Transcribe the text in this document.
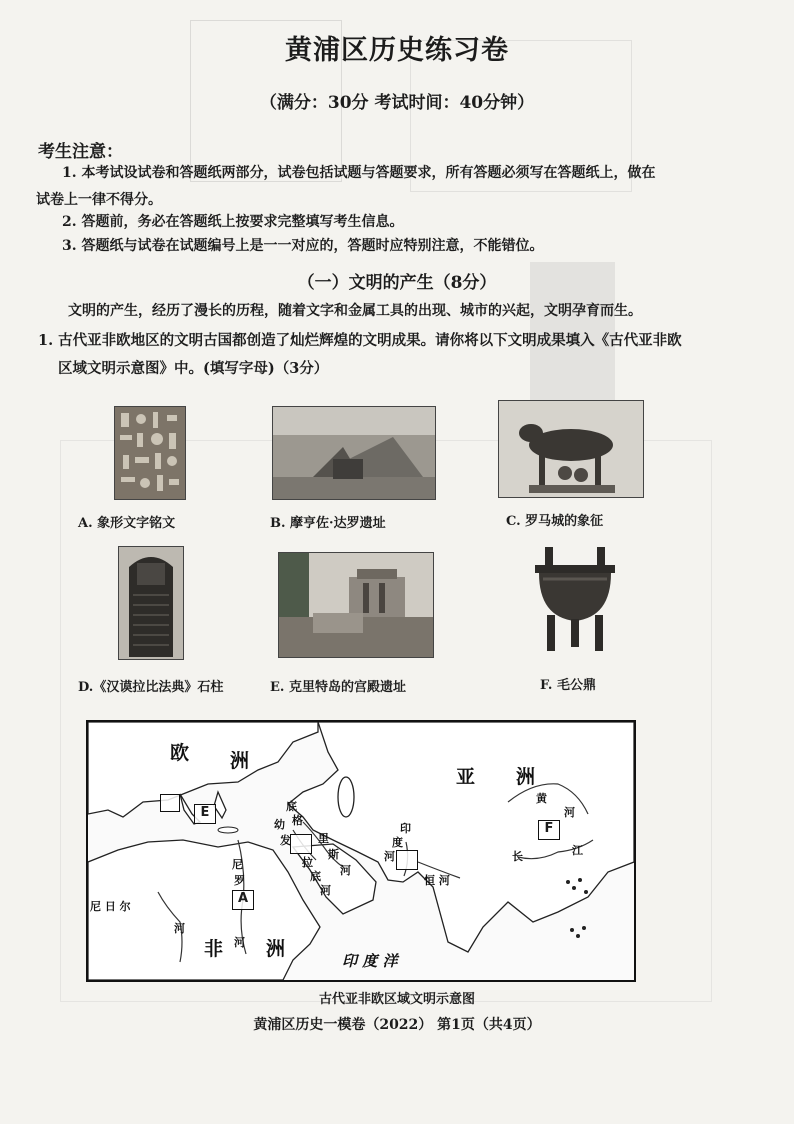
黄浦区历史练习卷
（满分：30分 考试时间：40分钟）
考生注意：
1. 本考试设试卷和答题纸两部分，试卷包括试题与答题要求，所有答题必须写在答题纸上，做在
试卷上一律不得分。
2. 答题前，务必在答题纸上按要求完整填写考生信息。
3. 答题纸与试卷在试题编号上是一一对应的，答题时应特别注意，不能错位。
（一）文明的产生（8分）
文明的产生，经历了漫长的历程，随着文字和金属工具的出现、城市的兴起，文明孕育而生。
1. 古代亚非欧地区的文明古国都创造了灿烂辉煌的文明成果。请你将以下文明成果填入《古代亚非欧
区域文明示意图》中。(填写字母)（3分）
A. 象形文字铭文	B. 摩亨佐·达罗遗址	C. 罗马城的象征
D.《汉谟拉比法典》石柱	E. 克里特岛的宫殿遗址	F. 毛公鼎
E
A
F
欧 洲
亚 洲
非 洲
印 度 洋
底
格
里
斯
河
幼
发
拉
底
河
尼
罗
河
尼 日 尔
河
印
度
河
恒 河
黄
河
长	江
古代亚非欧区域文明示意图
黄浦区历史一模卷（2022） 第1页（共4页）
